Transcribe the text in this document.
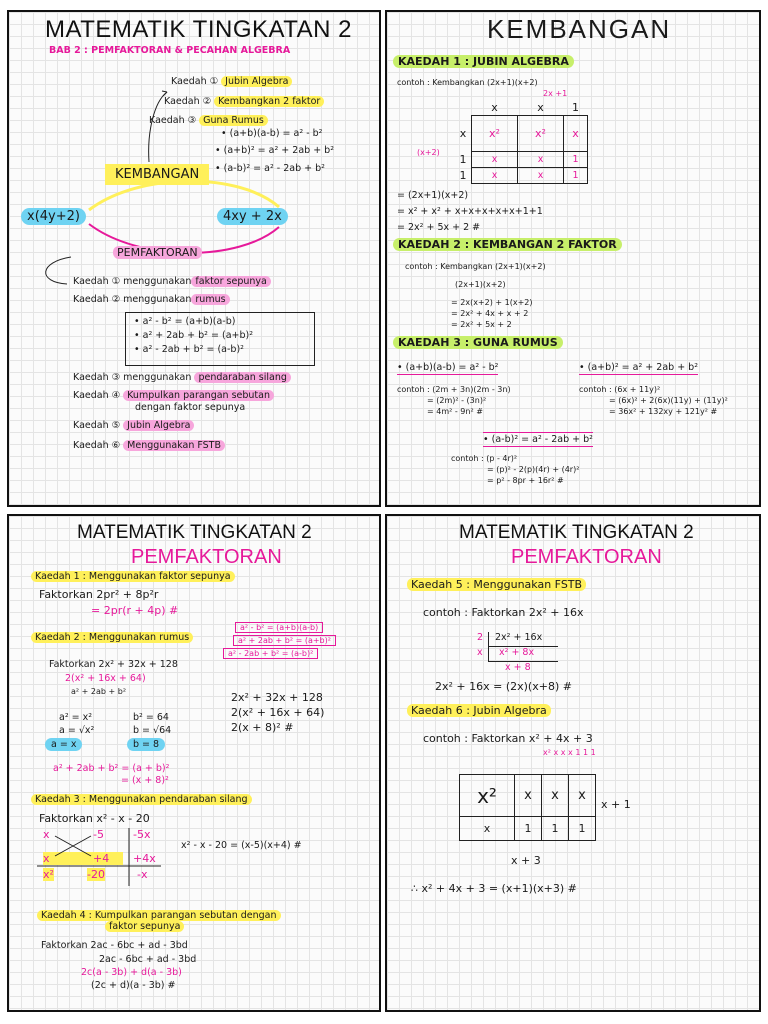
MATEMATIK TINGKATAN 2
BAB 2 : PEMFAKTORAN & PECAHAN ALGEBRA
Kaedah ① Jubin Algebra
Kaedah ② Kembangkan 2 faktor
Kaedah ③ Guna Rumus
• (a+b)(a-b) = a² - b²
• (a+b)² = a² + 2ab + b²
• (a-b)² = a² - 2ab + b²
KEMBANGAN
x(4y+2)	4xy + 2x
PEMFAKTORAN
Kaedah ① menggunakan faktor sepunya
Kaedah ② menggunakan rumus
• a² - b² = (a+b)(a-b)
• a² + 2ab + b² = (a+b)²
• a² - 2ab + b² = (a-b)²
Kaedah ③ menggunakan pendaraban silang
Kaedah ④ Kumpulkan parangan sebutan
dengan faktor sepunya
Kaedah ⑤ Jubin Algebra
Kaedah ⑥ Menggunakan FSTB
KEMBANGAN
KAEDAH 1 : JUBIN ALGEBRA
contoh : Kembangkan (2x+1)(x+2)
2x +1
(x+2)
	x	x	1
x	x²	x²	x
1	x	x	1
1	x	x	1
= (2x+1)(x+2)
= x² + x² + x+x+x+x+x+1+1
= 2x² + 5x + 2 #
KAEDAH 2 : KEMBANGAN 2 FAKTOR
contoh : Kembangkan (2x+1)(x+2)
(2x+1)(x+2)
= 2x(x+2) + 1(x+2)
= 2x² + 4x + x + 2
= 2x² + 5x + 2
KAEDAH 3 : GUNA RUMUS
• (a+b)(a-b) = a² - b²
contoh : (2m + 3n)(2m - 3n)
= (2m)² - (3n)²
= 4m² - 9n² #
• (a+b)² = a² + 2ab + b²
contoh : (6x + 11y)²
= (6x)² + 2(6x)(11y) + (11y)²
= 36x² + 132xy + 121y² #
• (a-b)² = a² - 2ab + b²
contoh : (p - 4r)²
= (p)² - 2(p)(4r) + (4r)²
= p² - 8pr + 16r² #
MATEMATIK TINGKATAN 2
PEMFAKTORAN
Kaedah 1 : Menggunakan faktor sepunya
Faktorkan 2pr² + 8p²r
= 2pr(r + 4p) #
Kaedah 2 : Menggunakan rumus
a² - b² = (a+b)(a-b)
a² + 2ab + b² = (a+b)²
a² - 2ab + b² = (a-b)²
Faktorkan 2x² + 32x + 128
2(x² + 16x + 64)
a² + 2ab + b²
a² = x²
a = √x²
a = x
b² = 64
b = √64
b = 8
2x² + 32x + 128
2(x² + 16x + 64)
2(x + 8)² #
a² + 2ab + b² = (a + b)²
= (x + 8)²
Kaedah 3 : Menggunakan pendaraban silang
Faktorkan x² - x - 20
x	-5	-5x
x	+4 +4x
x²	-20	-x
x² - x - 20 = (x-5)(x+4) #
Kaedah 4 : Kumpulkan parangan sebutan dengan
faktor sepunya
Faktorkan 2ac - 6bc + ad - 3bd
2ac - 6bc + ad - 3bd
2c(a - 3b) + d(a - 3b)
(2c + d)(a - 3b) #
MATEMATIK TINGKATAN 2
PEMFAKTORAN
Kaedah 5 : Menggunakan FSTB
contoh : Faktorkan 2x² + 16x
2 2x² + 16x
x x² + 8x
x + 8
2x² + 16x = (2x)(x+8) #
Kaedah 6 : Jubin Algebra
contoh : Faktorkan x² + 4x + 3
x² x x x 1 1 1
x²	x	x	x
x	1	1	1
x + 1
x + 3
∴ x² + 4x + 3 = (x+1)(x+3) #
